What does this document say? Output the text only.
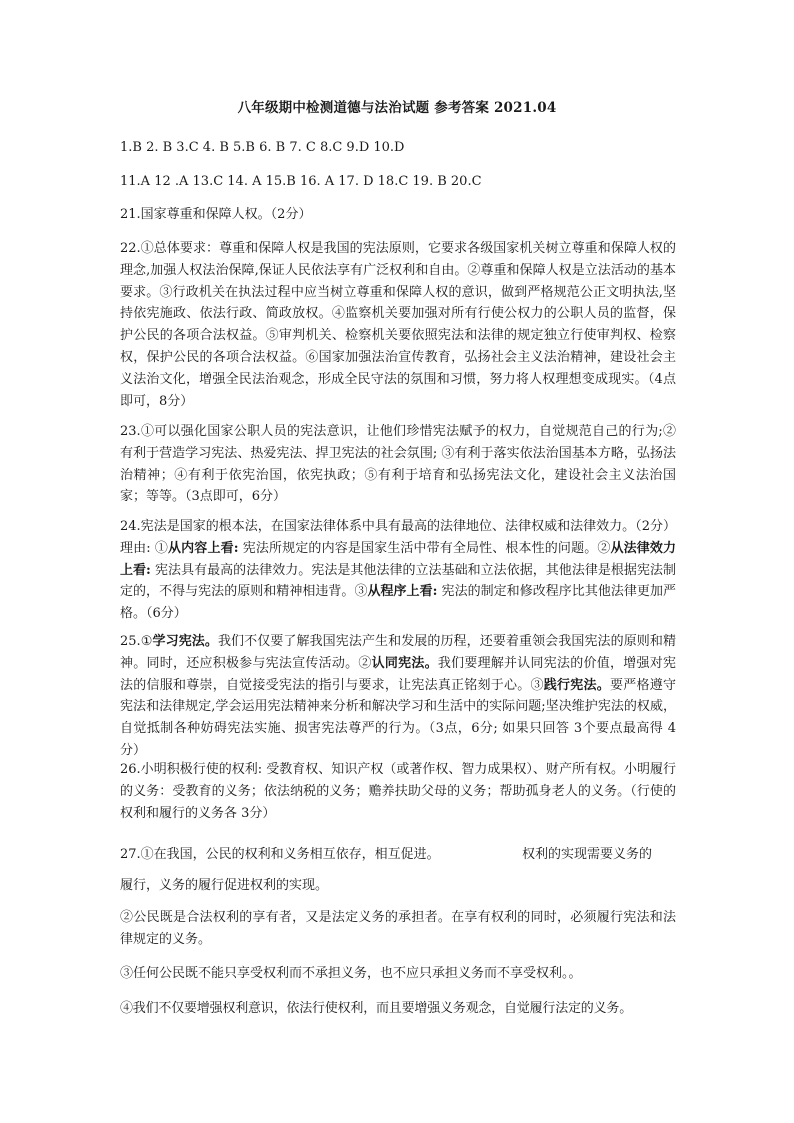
八年级期中检测道德与法治试题 参考答案 2021.04
1.B 2. B 3.C 4. B 5.B 6. B 7. C 8.C 9.D 10.D
11.A 12 .A 13.C 14. A 15.B 16. A 17. D 18.C 19. B 20.C
21.国家尊重和保障人权。（2分）
22.①总体要求：尊重和保障人权是我国的宪法原则，它要求各级国家机关树立尊重和保障人权的理念,加强人权法治保障,保证人民依法享有广泛权利和自由。②尊重和保障人权是立法活动的基本要求。③行政机关在执法过程中应当树立尊重和保障人权的意识，做到严格规范公正文明执法,坚持依宪施政、依法行政、简政放权。④监察机关要加强对所有行使公权力的公职人员的监督，保护公民的各项合法权益。⑤审判机关、检察机关要依照宪法和法律的规定独立行使审判权、检察权，保护公民的各项合法权益。⑥国家加强法治宣传教育，弘扬社会主义法治精神，建设社会主义法治文化，增强全民法治观念，形成全民守法的氛围和习惯，努力将人权理想变成现实。（4点即可，8分）
23.①可以强化国家公职人员的宪法意识，让他们珍惜宪法赋予的权力，自觉规范自己的行为;②有利于营造学习宪法、热爱宪法、捍卫宪法的社会氛围; ③有利于落实依法治国基本方略，弘扬法治精神；④有利于依宪治国，依宪执政；⑤有利于培育和弘扬宪法文化，建设社会主义法治国家；等等。（3点即可，6分）
24.宪法是国家的根本法，在国家法律体系中具有最高的法律地位、法律权威和法律效力。（2分）理由: ①从内容上看: 宪法所规定的内容是国家生活中带有全局性、根本性的问题。②从法律效力上看: 宪法具有最高的法律效力。宪法是其他法律的立法基础和立法依据，其他法律是根据宪法制定的，不得与宪法的原则和精神相违背。③从程序上看: 宪法的制定和修改程序比其他法律更加严格。（6分）
25.①学习宪法。我们不仅要了解我国宪法产生和发展的历程，还要着重领会我国宪法的原则和精神。同时，还应积极参与宪法宣传活动。②认同宪法。我们要理解并认同宪法的价值，增强对宪法的信服和尊崇，自觉接受宪法的指引与要求，让宪法真正铭刻于心。③践行宪法。要严格遵守宪法和法律规定,学会运用宪法精神来分析和解决学习和生活中的实际问题;坚决维护宪法的权威，自觉抵制各种妨碍宪法实施、损害宪法尊严的行为。（3点，6分; 如果只回答 3个要点最高得 4分）
26.小明积极行使的权利: 受教育权、知识产权（或著作权、智力成果权）、财产所有权。小明履行的义务：受教育的义务；依法纳税的义务；赡养扶助父母的义务；帮助孤身老人的义务。（行使的权利和履行的义务各 3分）
27.①在我国，公民的权利和义务相互依存，相互促进。	权利的实现需要义务的
履行，义务的履行促进权利的实现。
②公民既是合法权利的享有者，又是法定义务的承担者。在享有权利的同时，必须履行宪法和法律规定的义务。
③任何公民既不能只享受权利而不承担义务，也不应只承担义务而不享受权利。。
④我们不仅要增强权利意识，依法行使权利，而且要增强义务观念，自觉履行法定的义务。
